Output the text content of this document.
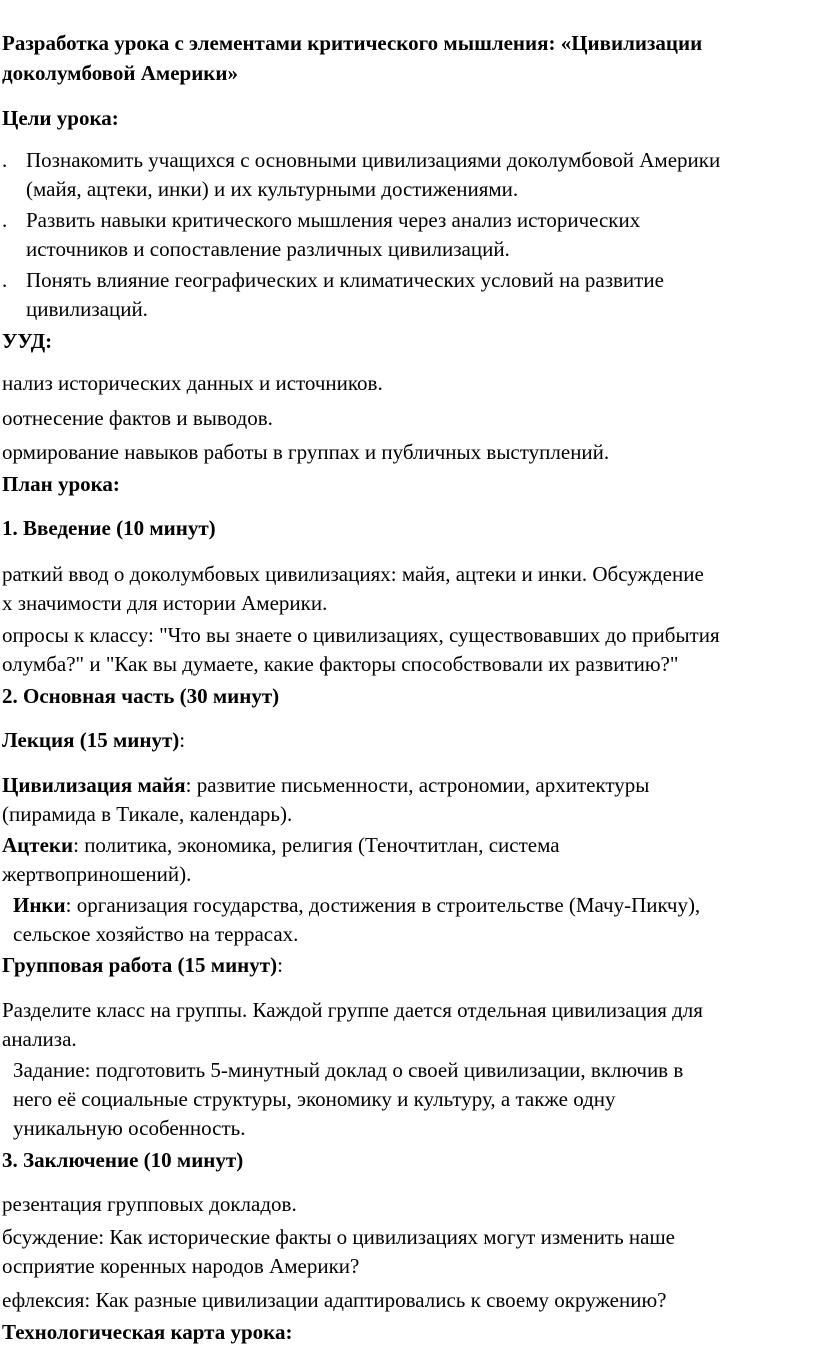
Разработка урока с элементами критического мышления: «Цивилизации
доколумбовой Америки»
Цели урока:
. Познакомить учащихся с основными цивилизациями доколумбовой Америки
(майя, ацтеки, инки) и их культурными достижениями.
. Развить навыки критического мышления через анализ исторических
источников и сопоставление различных цивилизаций.
. Понять влияние географических и климатических условий на развитие
цивилизаций.
УУД:
нализ исторических данных и источников.
оотнесение фактов и выводов.
ормирование навыков работы в группах и публичных выступлений.
План урока:
1. Введение (10 минут)
раткий ввод о доколумбовых цивилизациях: майя, ацтеки и инки. Обсуждение
х значимости для истории Америки.
опросы к классу: "Что вы знаете о цивилизациях, существовавших до прибытия
олумба?" и "Как вы думаете, какие факторы способствовали их развитию?"
2. Основная часть (30 минут)
Лекция (15 минут):
Цивилизация майя: развитие письменности, астрономии, архитектуры
(пирамида в Тикале, календарь).
Ацтеки: политика, экономика, религия (Теночтитлан, система
жертвоприношений).
Инки: организация государства, достижения в строительстве (Мачу-Пикчу),
сельское хозяйство на террасах.
Групповая работа (15 минут):
Разделите класс на группы. Каждой группе дается отдельная цивилизация для
анализа.
Задание: подготовить 5-минутный доклад о своей цивилизации, включив в
него её социальные структуры, экономику и культуру, а также одну
уникальную особенность.
3. Заключение (10 минут)
резентация групповых докладов.
бсуждение: Как исторические факты о цивилизациях могут изменить наше
осприятие коренных народов Америки?
ефлексия: Как разные цивилизации адаптировались к своему окружению?
Технологическая карта урока:
